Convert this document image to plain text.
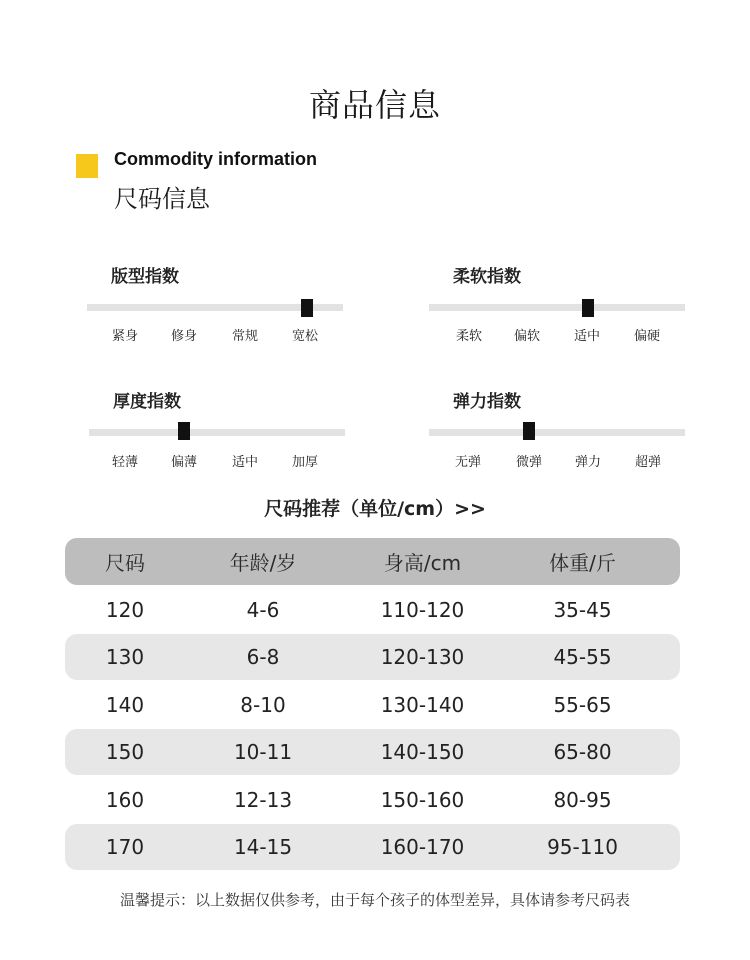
商品信息
Commodity information
尺码信息
版型指数
紧身	修身	常规	宽松
柔软指数
柔软 偏软	适中	偏硬
厚度指数
轻薄	偏薄	适中	加厚
弹力指数
无弹	微弹	弹力	超弹
尺码推荐（单位/cm）>>
尺码	年龄/岁	身高/cm	体重/斤
120	4-6	110-120	35-45
130	6-8	120-130	45-55
140	8-10	130-140	55-65
150	10-11	140-150	65-80
160	12-13	150-160	80-95
170	14-15	160-170	95-110
温馨提示：以上数据仅供参考，由于每个孩子的体型差异，具体请参考尺码表
